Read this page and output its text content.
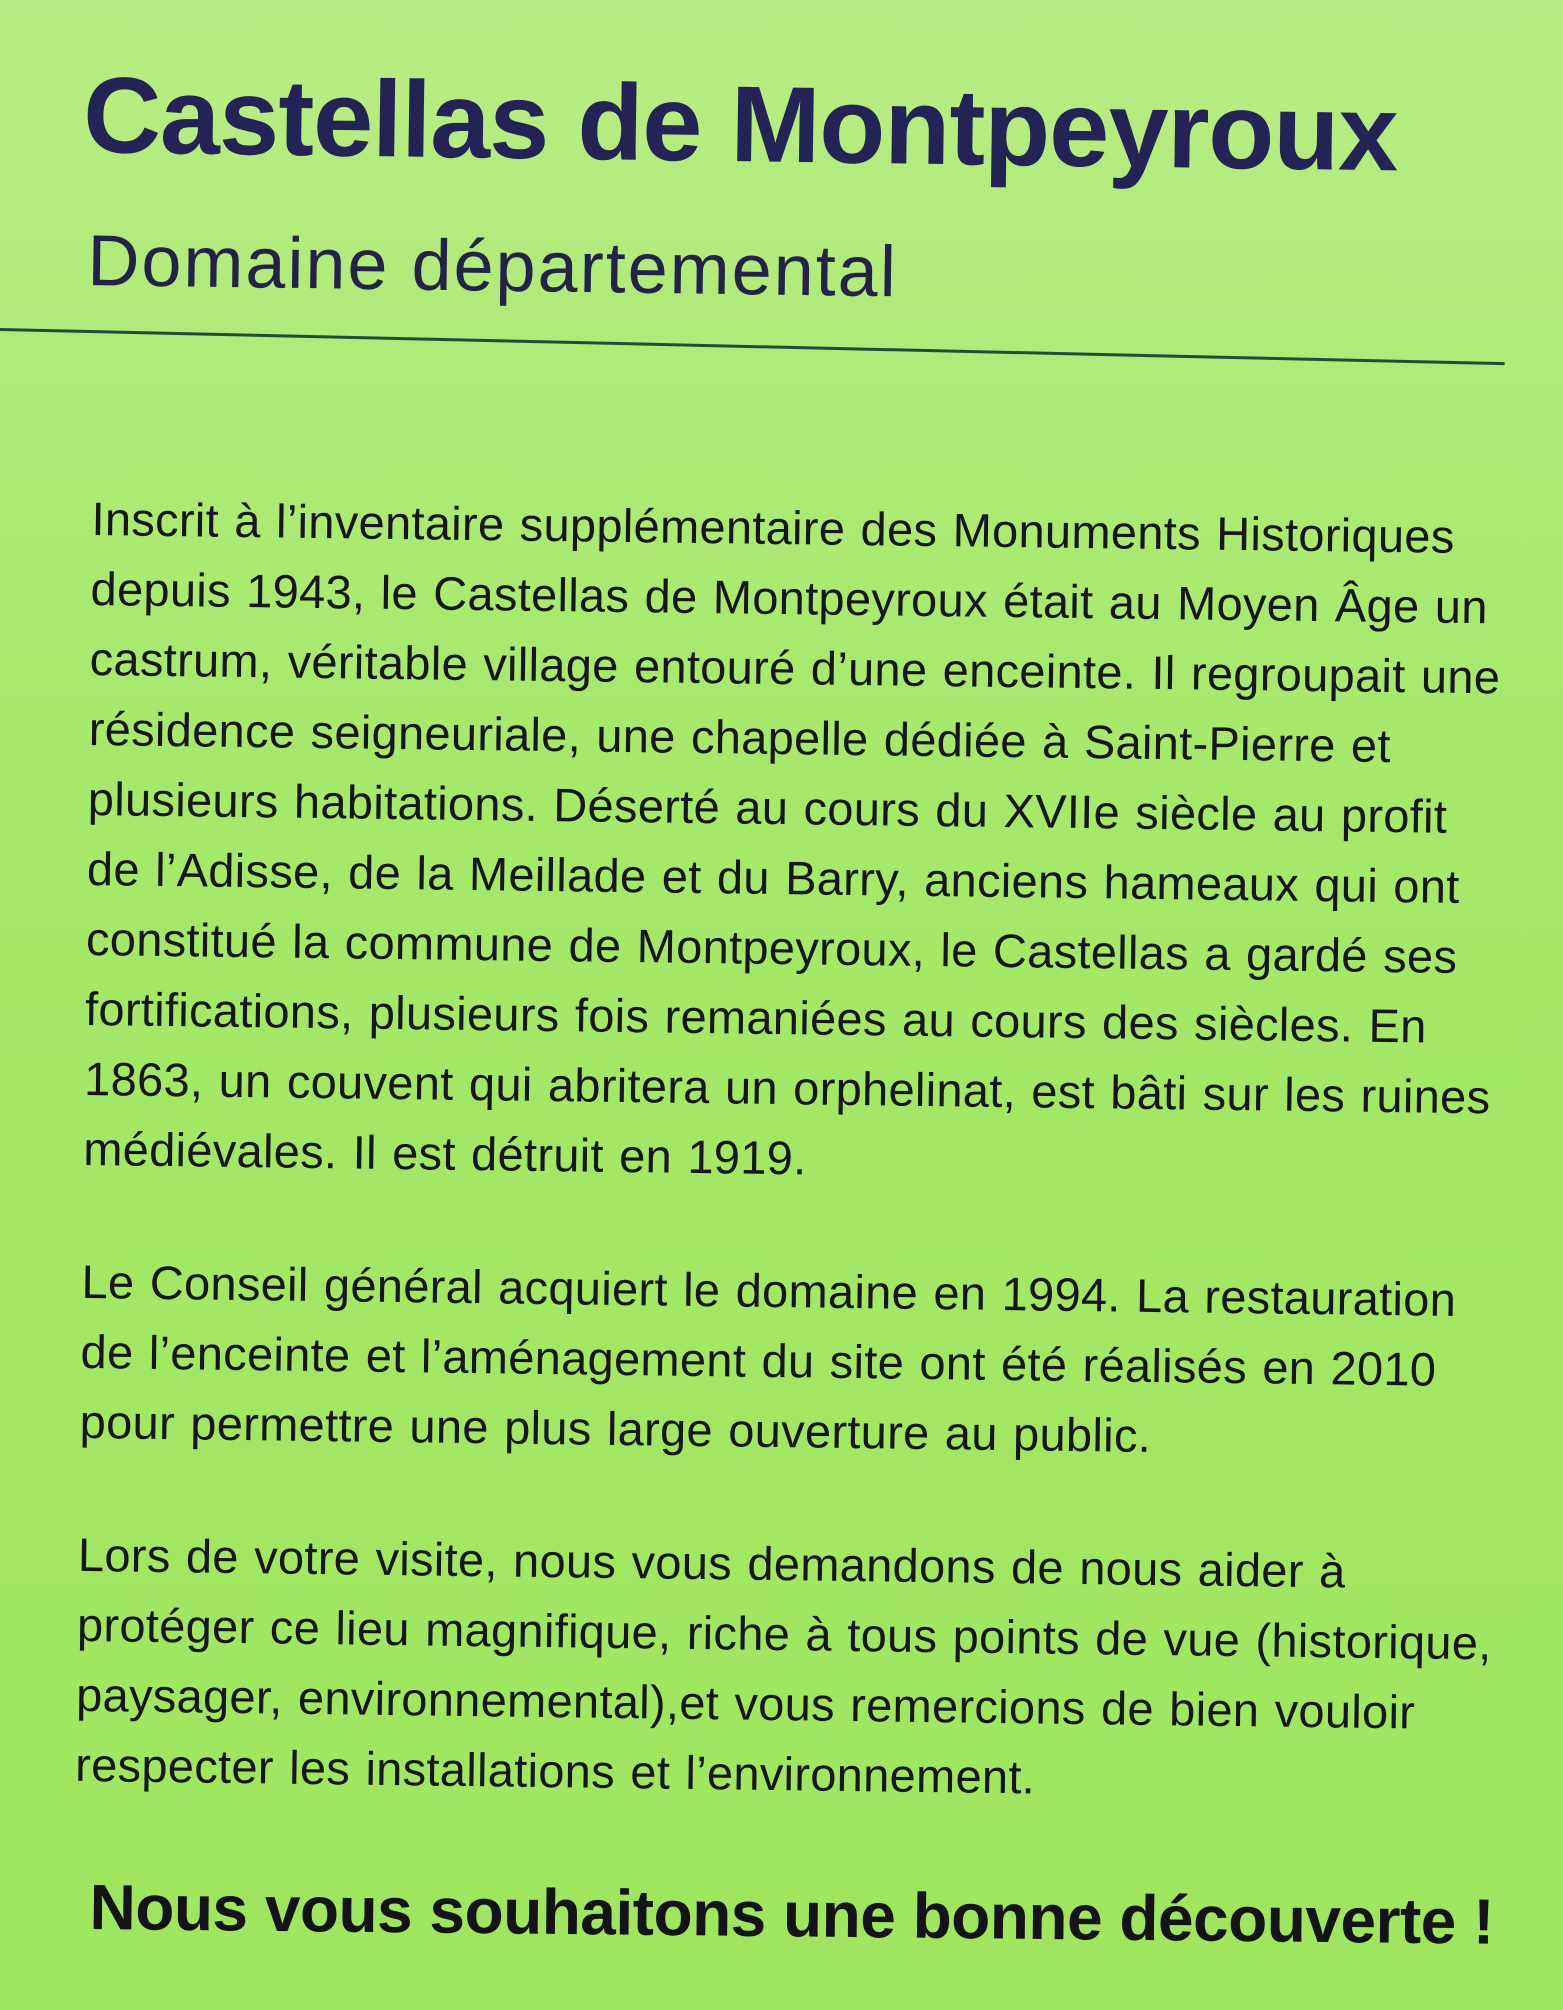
Castellas de Montpeyroux
Domaine départemental

Inscrit à l’inventaire supplémentaire des Monuments Historiques depuis 1943, le Castellas de Montpeyroux était au Moyen Âge un castrum, véritable village entouré d’une enceinte. Il regroupait une résidence seigneuriale, une chapelle dédiée à Saint-Pierre et plusieurs habitations. Déserté au cours du XVIIe siècle au profit de l’Adisse, de la Meillade et du Barry, anciens hameaux qui ont constitué la commune de Montpeyroux, le Castellas a gardé ses fortifications, plusieurs fois remaniées au cours des siècles. En 1863, un couvent qui abritera un orphelinat, est bâti sur les ruines médiévales. Il est détruit en 1919.

Le Conseil général acquiert le domaine en 1994. La restauration de l’enceinte et l’aménagement du site ont été réalisés en 2010 pour permettre une plus large ouverture au public.

Lors de votre visite, nous vous demandons de nous aider à protéger ce lieu magnifique, riche à tous points de vue (historique, paysager, environnemental),et vous remercions de bien vouloir respecter les installations et l’environnement.

Nous vous souhaitons une bonne découverte !
